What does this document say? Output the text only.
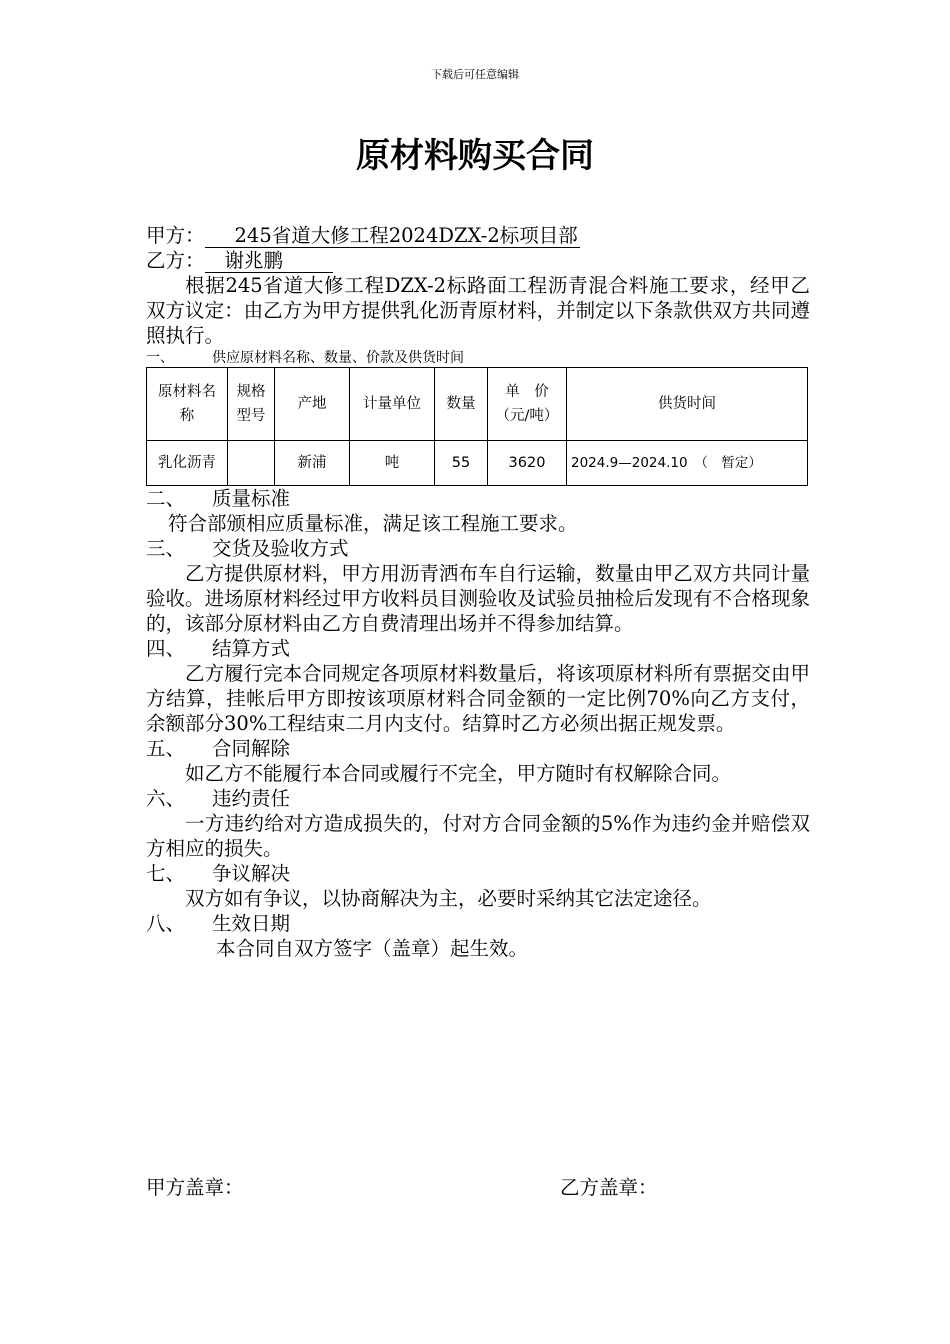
下载后可任意编辑
原材料购买合同
甲方：	245省道大修工程2024DZX-2标项目部
乙方：	谢兆鹏
根据245省道大修工程DZX-2标路面工程沥青混合料施工要求，经甲乙双方议定：由乙方为甲方提供乳化沥青原材料，并制定以下条款供双方共同遵照执行。
一、	供应原材料名称、数量、价款及供货时间
原材料名　称	规格型号	产地	计量单位	数量	单　价（元/吨）	供货时间
乳化沥青		新浦	吨	55	3620	2024.9—2024.10　（　暂定）
二、	质量标准
符合部颁相应质量标准，满足该工程施工要求。
三、	交货及验收方式
乙方提供原材料，甲方用沥青洒布车自行运输，数量由甲乙双方共同计量验收。进场原材料经过甲方收料员目测验收及试验员抽检后发现有不合格现象的，该部分原材料由乙方自费清理出场并不得参加结算。
四、	结算方式
乙方履行完本合同规定各项原材料数量后，将该项原材料所有票据交由甲方结算，挂帐后甲方即按该项原材料合同金额的一定比例70%向乙方支付，余额部分30%工程结束二月内支付。结算时乙方必须出据正规发票。
五、	合同解除
如乙方不能履行本合同或履行不完全，甲方随时有权解除合同。
六、	违约责任
一方违约给对方造成损失的，付对方合同金额的5%作为违约金并赔偿双方相应的损失。
七、	争议解决
双方如有争议，以协商解决为主，必要时采纳其它法定途径。
八、	生效日期
本合同自双方签字（盖章）起生效。
甲方盖章：	乙方盖章：
